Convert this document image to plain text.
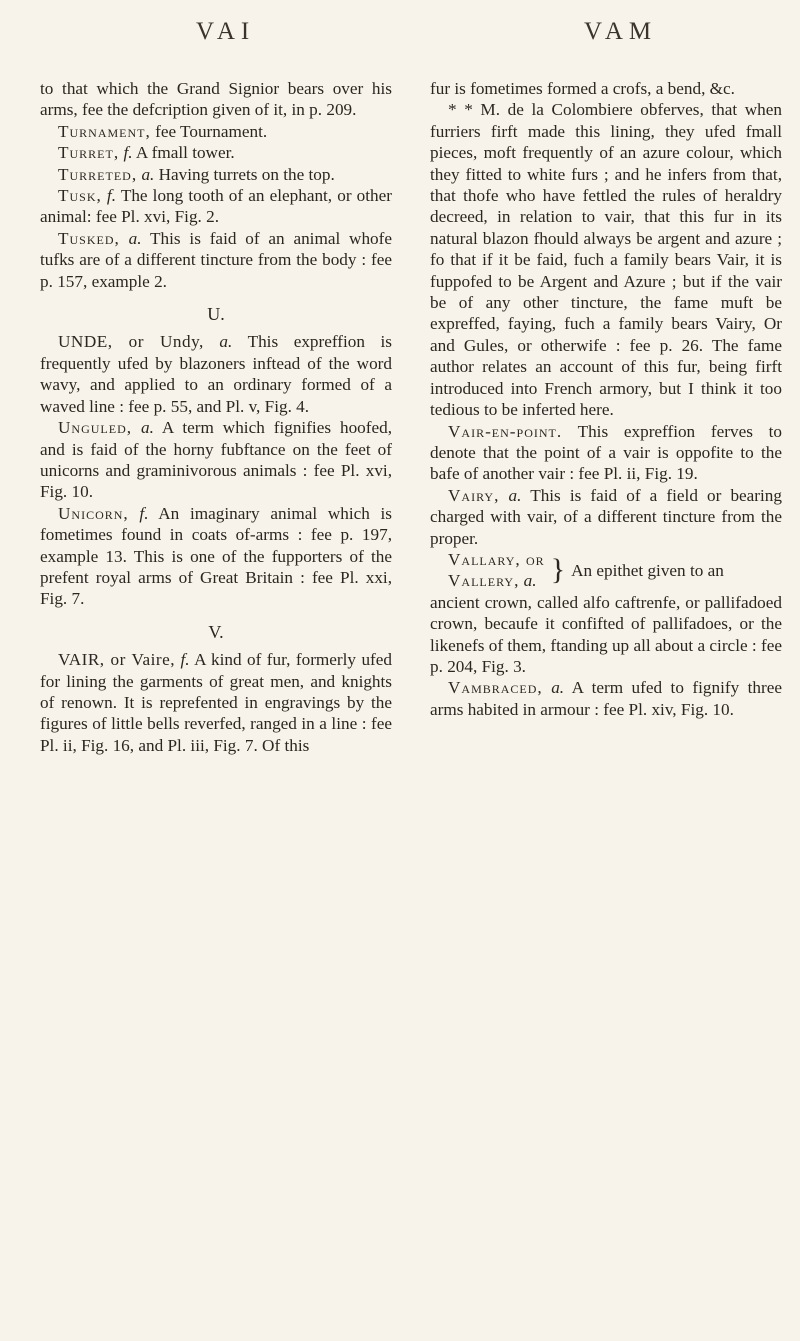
VAI	VAM

to that which the Grand Signior bears over his arms, fee the defcription given of it, in p. 209.

Turnament, fee Tournament.

Turret, f. A fmall tower.

Turreted, a. Having turrets on the top.

Tusk, f. The long tooth of an elephant, or other animal: fee Pl. xvi, Fig. 2.

Tusked, a. This is faid of an animal whofe tufks are of a different tincture from the body : fee p. 157, example 2.

U.

UNDE, or Undy, a. This expreffion is frequently ufed by blazoners inftead of the word wavy, and applied to an ordinary formed of a waved line : fee p. 55, and Pl. v, Fig. 4.

Unguled, a. A term which fignifies hoofed, and is faid of the horny fubftance on the feet of unicorns and graminivorous animals : fee Pl. xvi, Fig. 10.

Unicorn, f. An imaginary animal which is fometimes found in coats of-arms : fee p. 197, example 13. This is one of the fupporters of the prefent royal arms of Great Britain : fee Pl. xxi, Fig. 7.

V.

VAIR, or Vaire, f. A kind of fur, formerly ufed for lining the garments of great men, and knights of renown. It is reprefented in engravings by the figures of little bells reverfed, ranged in a line : fee Pl. ii, Fig. 16, and Pl. iii, Fig. 7. Of this

fur is fometimes formed a crofs, a bend, &c.

* * M. de la Colombiere obferves, that when furriers firft made this lining, they ufed fmall pieces, moft frequently of an azure colour, which they fitted to white furs ; and he infers from that, that thofe who have fettled the rules of heraldry decreed, in relation to vair, that this fur in its natural blazon fhould always be argent and azure ; fo that if it be faid, fuch a family bears Vair, it is fuppofed to be Argent and Azure ; but if the vair be of any other tincture, the fame muft be expreffed, faying, fuch a family bears Vairy, Or and Gules, or otherwife : fee p. 26. The fame author relates an account of this fur, being firft introduced into French armory, but I think it too tedious to be inferted here.

Vair-en-point. This expreffion ferves to denote that the point of a vair is oppofite to the bafe of another vair : fee Pl. ii, Fig. 19.

Vairy, a. This is faid of a field or bearing charged with vair, of a different tincture from the proper.

Vallary, or
Vallery, a. } An epithet given to an

ancient crown, called alfo caftrenfe, or pallifadoed crown, becaufe it confifted of pallifadoes, or the likenefs of them, ftanding up all about a circle : fee p. 204, Fig. 3.

Vambraced, a. A term ufed to fignify three arms habited in armour : fee Pl. xiv, Fig. 10.
